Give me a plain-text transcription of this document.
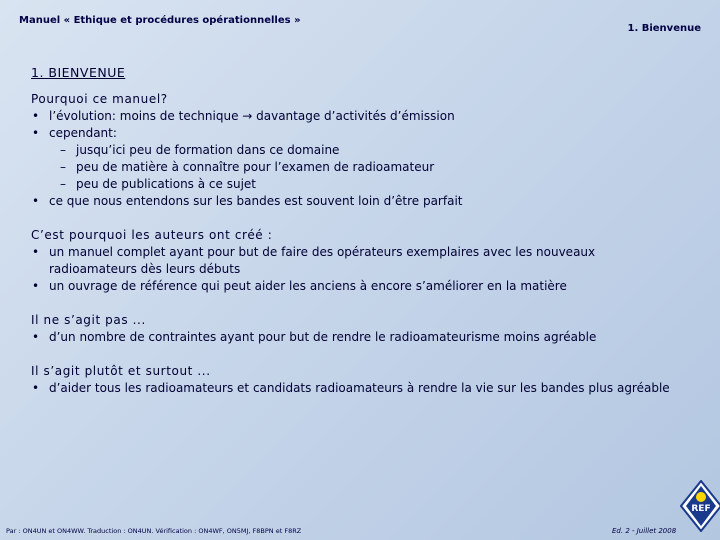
Manuel « Ethique et procédures opérationnelles »
1. Bienvenue
1. BIENVENUE
Pourquoi ce manuel?
• l’évolution: moins de technique → davantage d’activités d’émission
• cependant:
– jusqu’ici peu de formation dans ce domaine
– peu de matière à connaître pour l’examen de radioamateur
– peu de publications à ce sujet
• ce que nous entendons sur les bandes est souvent loin d’être parfait
C’est pourquoi les auteurs ont créé :
• un manuel complet ayant pour but de faire des opérateurs exemplaires avec les nouveaux radioamateurs dès leurs débuts
• un ouvrage de référence qui peut aider les anciens à encore s’améliorer en la matière
Il ne s’agit pas ...
• d’un nombre de contraintes ayant pour but de rendre le radioamateurisme moins agréable
Il s’agit plutôt et surtout ...
• d’aider tous les radioamateurs et candidats radioamateurs à rendre la vie sur les bandes plus agréable
Par : ON4UN et ON4WW. Traduction : ON4UN. Vérification : ON4WF, ON5MJ, F8BPN et F8RZ	Ed. 2 - Juillet 2008
REF
